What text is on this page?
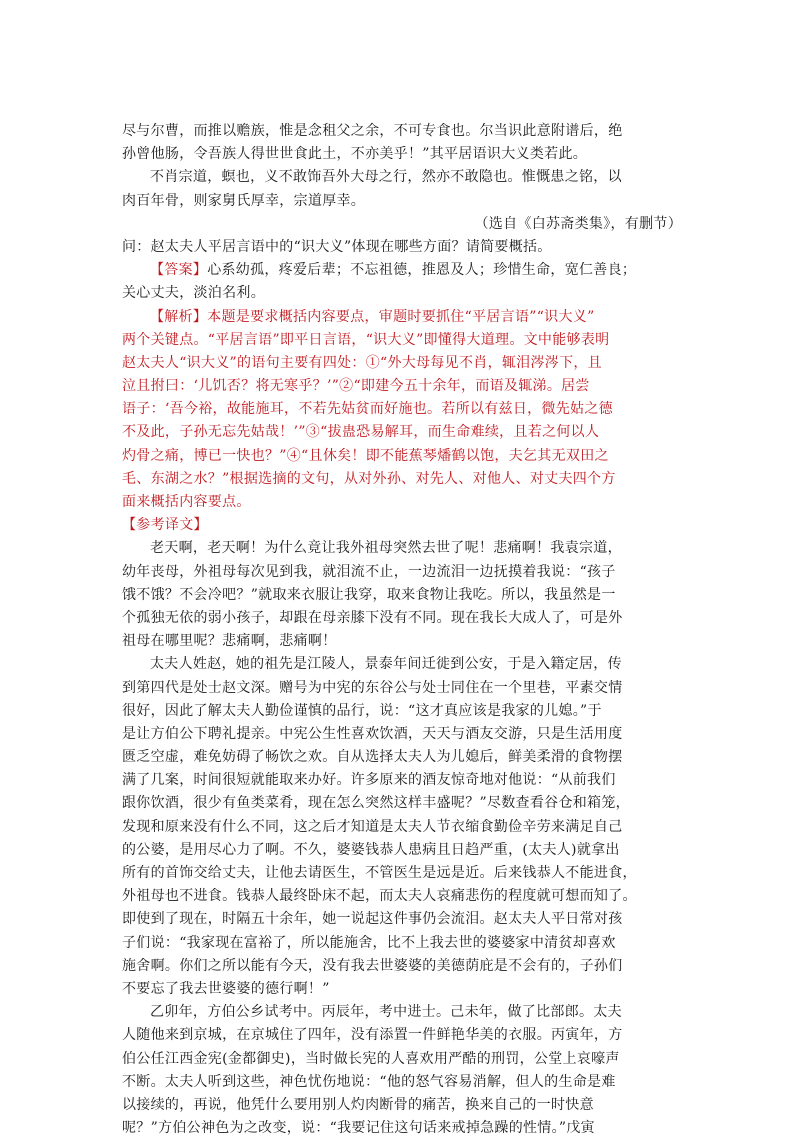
尽与尔曹，而推以赡族，惟是念租父之余，不可专食也。尔当识此意附谱后，绝
孙曾他肠，令吾族人得世世食此土，不亦美乎！”其平居语识大义类若此。
不肖宗道，螟也，义不敢饰吾外大母之行，然亦不敢隐也。惟慨患之铭，以
肉百年骨，则家舅氏厚幸，宗道厚幸。
（选自《白苏斋类集》，有删节）
问：赵太夫人平居言语中的“识大义”体现在哪些方面？请简要概括。
【答案】心系幼孤，疼爱后辈；不忘祖德，推恩及人；珍惜生命，宽仁善良；
关心丈夫，淡泊名利。
【解析】本题是要求概括内容要点，审题时要抓住“平居言语”“识大义”
两个关键点。“平居言语”即平日言语，“识大义”即懂得大道理。文中能够表明
赵太夫人“识大义”的语句主要有四处：①“外大母每见不肖，辄泪涔涔下，且
泣且拊曰：‘儿饥否？将无寒乎？’”②“即建今五十余年，而语及辄涕。居尝
语子：‘吾今裕，故能施耳，不若先姑贫而好施也。若所以有兹日，微先姑之德
不及此，子孙无忘先姑哉！’”③“拔蛊恐易解耳，而生命难续，且若之何以人
灼骨之痛，博已一快也？”④“且休矣！即不能蕉琴燔鹤以饱，夫乞其无双田之
毛、东湖之水？”根据选摘的文句，从对外孙、对先人、对他人、对丈夫四个方
面来概括内容要点。
【参考译文】
老天啊，老天啊！为什么竟让我外祖母突然去世了呢！悲痛啊！我袁宗道，
幼年丧母，外祖母每次见到我，就泪流不止，一边流泪一边抚摸着我说：“孩子
饿不饿？不会冷吧？”就取来衣服让我穿，取来食物让我吃。所以，我虽然是一
个孤独无依的弱小孩子，却跟在母亲膝下没有不同。现在我长大成人了，可是外
祖母在哪里呢？悲痛啊，悲痛啊！
太夫人姓赵，她的祖先是江陵人，景泰年间迁徙到公安，于是入籍定居，传
到第四代是处士赵文深。赠号为中宪的东谷公与处士同住在一个里巷，平素交情
很好，因此了解太夫人勤俭谨慎的品行，说：“这才真应该是我家的儿媳。”于
是让方伯公下聘礼提亲。中宪公生性喜欢饮酒，天天与酒友交游，只是生活用度
匮乏空虚，难免妨碍了畅饮之欢。自从选择太夫人为儿媳后，鲜美柔滑的食物摆
满了几案，时间很短就能取来办好。许多原来的酒友惊奇地对他说：“从前我们
跟你饮酒，很少有鱼类菜肴，现在怎么突然这样丰盛呢？”尽数查看谷仓和箱笼，
发现和原来没有什么不同，这之后才知道是太夫人节衣缩食勤俭辛劳来满足自己
的公婆，是用尽心力了啊。不久，婆婆钱恭人患病且日趋严重，(太夫人)就拿出
所有的首饰交给丈夫，让他去请医生，不管医生是远是近。后来钱恭人不能进食，
外祖母也不进食。钱恭人最终卧床不起，而太夫人哀痛悲伤的程度就可想而知了。
即使到了现在，时隔五十余年，她一说起这件事仍会流泪。赵太夫人平日常对孩
子们说：“我家现在富裕了，所以能施舍，比不上我去世的婆婆家中清贫却喜欢
施舍啊。你们之所以能有今天，没有我去世婆婆的美德荫庇是不会有的，子孙们
不要忘了我去世婆婆的德行啊！”
乙卯年，方伯公乡试考中。丙辰年，考中进士。己未年，做了比部郎。太夫
人随他来到京城，在京城住了四年，没有添置一件鲜艳华美的衣服。丙寅年，方
伯公任江西金宪(金都御史)，当时做长宪的人喜欢用严酷的刑罚，公堂上哀嚎声
不断。太夫人听到这些，神色忧伤地说：“他的怒气容易消解，但人的生命是难
以接续的，再说，他凭什么要用别人灼肉断骨的痛苦，换来自己的一时快意
呢？”方伯公神色为之改变，说：“我要记住这句话来戒掉急躁的性情。”戊寅
